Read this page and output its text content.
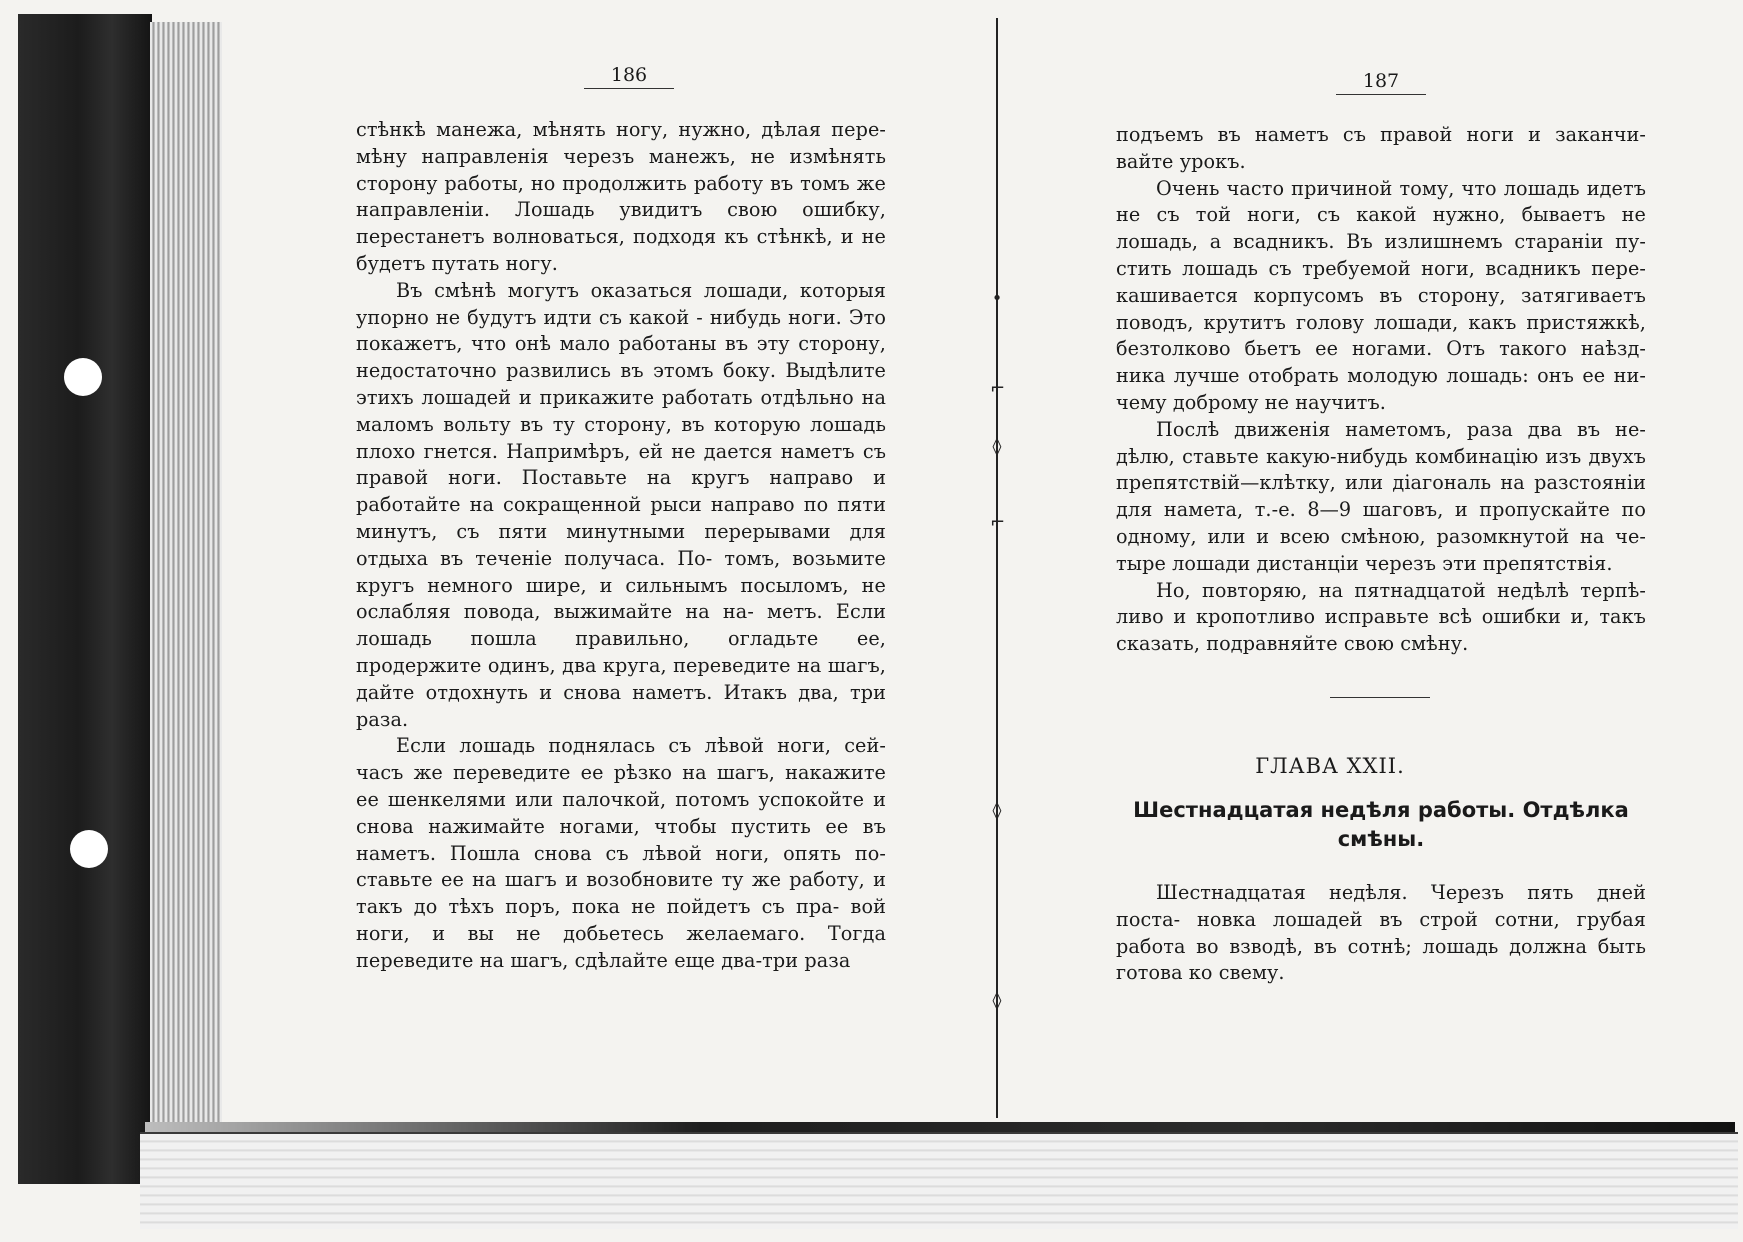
•
⌐
◊
⌐
◊
◊
186

стѣнкѣ манежа, мѣнять ногу, нужно, дѣлая пере- мѣну направленія черезъ манежъ, не измѣнять сторону работы, но продолжить работу въ томъ же направленіи. Лошадь увидитъ свою ошибку, перестанетъ волноваться, подходя къ стѣнкѣ, и не будетъ путать ногу.

Въ смѣнѣ могутъ оказаться лошади, которыя упорно не будутъ идти съ какой - нибудь ноги. Это покажетъ, что онѣ мало работаны въ эту сторону, недостаточно развились въ этомъ боку. Выдѣлите этихъ лошадей и прикажите работать отдѣльно на маломъ вольту въ ту сторону, въ которую лошадь плохо гнется. Напримѣръ, ей не дается наметъ съ правой ноги. Поставьте на кругъ направо и работайте на сокращенной рыси направо по пяти минутъ, съ пяти минутными перерывами для отдыха въ теченіе получаса. По- томъ, возьмите кругъ немного шире, и сильнымъ посыломъ, не ослабляя повода, выжимайте на на- метъ. Если лошадь пошла правильно, огладьте ее, продержите одинъ, два круга, переведите на шагъ, дайте отдохнуть и снова наметъ. Итакъ два, три раза.

Если лошадь поднялась съ лѣвой ноги, сей- часъ же переведите ее рѣзко на шагъ, накажите ее шенкелями или палочкой, потомъ успокойте и снова нажимайте ногами, чтобы пустить ее въ наметъ. Пошла снова съ лѣвой ноги, опять по- ставьте ее на шагъ и возобновите ту же работу, и такъ до тѣхъ поръ, пока не пойдетъ съ пра- вой ноги, и вы не добьетесь желаемаго. Тогда переведите на шагъ, сдѣлайте еще два-три раза

187

подъемъ въ наметъ съ правой ноги и заканчи- вайте урокъ.

Очень часто причиной тому, что лошадь идетъ не съ той ноги, съ какой нужно, бываетъ не лошадь, а всадникъ. Въ излишнемъ стараніи пу- стить лошадь съ требуемой ноги, всадникъ пере- кашивается корпусомъ въ сторону, затягиваетъ поводъ, крутитъ голову лошади, какъ пристяжкѣ, безтолково бьетъ ее ногами. Отъ такого наѣзд- ника лучше отобрать молодую лошадь: онъ ее ни- чему доброму не научитъ.

Послѣ движенія наметомъ, раза два въ не- дѣлю, ставьте какую-нибудь комбинацію изъ двухъ препятствій—клѣтку, или діагональ на разстояніи для намета, т.-е. 8—9 шаговъ, и пропускайте по одному, или и всею смѣною, разомкнутой на че- тыре лошади дистанціи черезъ эти препятствія.

Но, повторяю, на пятнадцатой недѣлѣ терпѣ- ливо и кропотливо исправьте всѣ ошибки и, такъ сказать, подравняйте свою смѣну.

ГЛАВА XXII.
Шестнадцатая недѣля работы. Отдѣлка
смѣны.

Шестнадцатая недѣля. Черезъ пять дней поста- новка лошадей въ строй сотни, грубая работа во взводѣ, въ сотнѣ; лошадь должна быть готова ко свему.
